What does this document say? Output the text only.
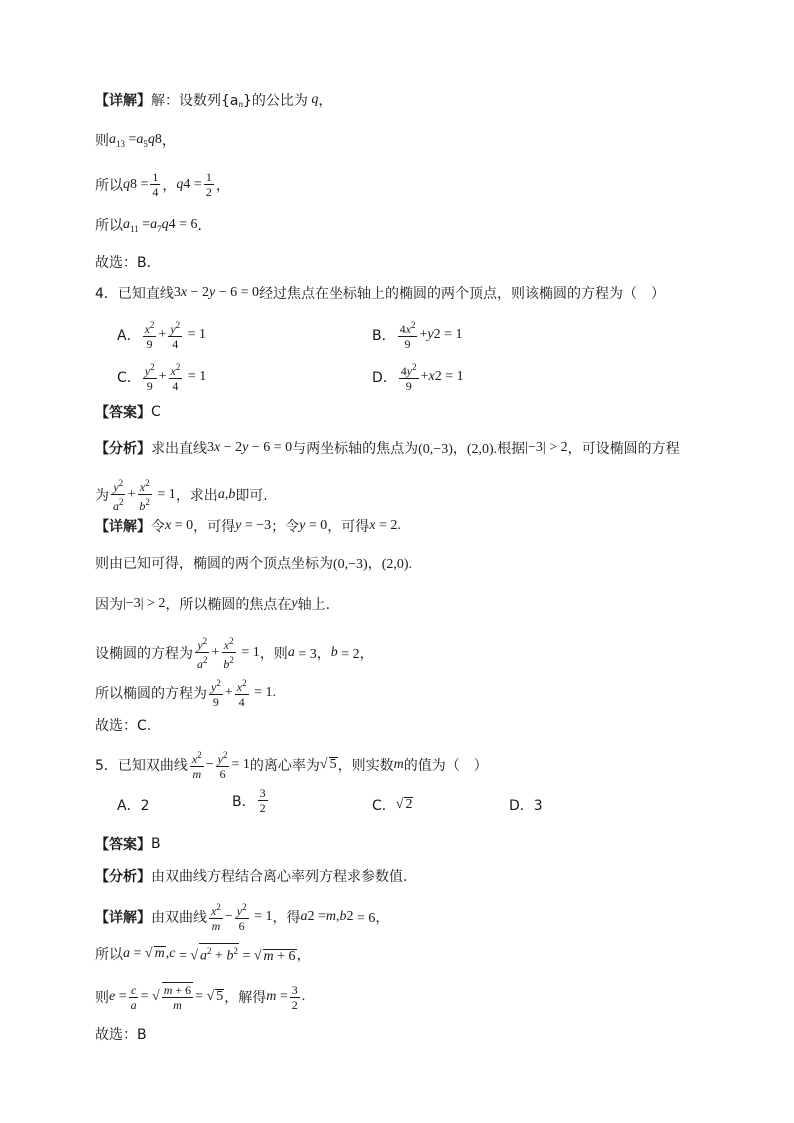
【详解】 解：设数列{a $_n$ }的公比为 q ，
则 a $_{13}$ = a $_5$ q 8 ，
所以 q $8 = \frac{1}{4}$ ， q $4 = \frac{1}{2}$ ，
所以 a $_{11}$ = a $_7$ q 4 = 6 ．
故选：B．
4．已知直线 3 x − 2 y − 6 = 0 经过焦点在坐标轴上的椭圆的两个顶点，则该椭圆的方程为（　）
A． $\frac{x^2}{9} + \frac{y^2}{4} = 1$	B． $\frac{4x^2}{9} + y$ 2 = 1
C． $\frac{y^2}{9} + \frac{x^2}{4} = 1$	D． $\frac{4y^2}{9} + x$ 2 = 1
【答案】 C
【分析】 求出直线 3 x − 2 y − 6 = 0 与两坐标轴的焦点为 (0,−3)，(2,0). 根据 |−3| > 2 ，可设椭圆的方程
为 $\frac{y^2}{a^2} + \frac{x^2}{b^2} = 1$ ，求出 a , b 即可.
【详解】 令 x = 0 ，可得 y = −3 ；令 y = 0 ，可得 x = 2.
则由已知可得，椭圆的两个顶点坐标为 (0,−3)，(2,0).
因为 |−3| > 2 ，所以椭圆的焦点在 y 轴上.
设椭圆的方程为 $\frac{y^2}{a^2} + \frac{x^2}{b^2} = 1$ ，则 a = 3， b = 2，
所以椭圆的方程为 $\frac{y^2}{9} + \frac{x^2}{4} = 1$.
故选：C.
5．已知双曲线 $\frac{x^2}{m} - \frac{y^2}{6} = 1$ 的离心率为 √ 5 ，则实数 m 的值为（　）
A．2	B． $\frac{3}{2}$	C． √ 2	D．3
【答案】 B
【分析】 由双曲线方程结合离心率列方程求参数值.
【详解】 由双曲线 $\frac{x^2}{m} - \frac{y^2}{6} = 1$ ，得 a 2 = m , b 2 = 6，
所以 a = √ m, c = √ $a^2 + b^2$ = √ m + 6，
则 $e = \frac{c}{a}$ = √ $\frac{m + 6}{m}$ = √ 5 ，解得 $m = \frac{3}{2}$ .
故选：B
